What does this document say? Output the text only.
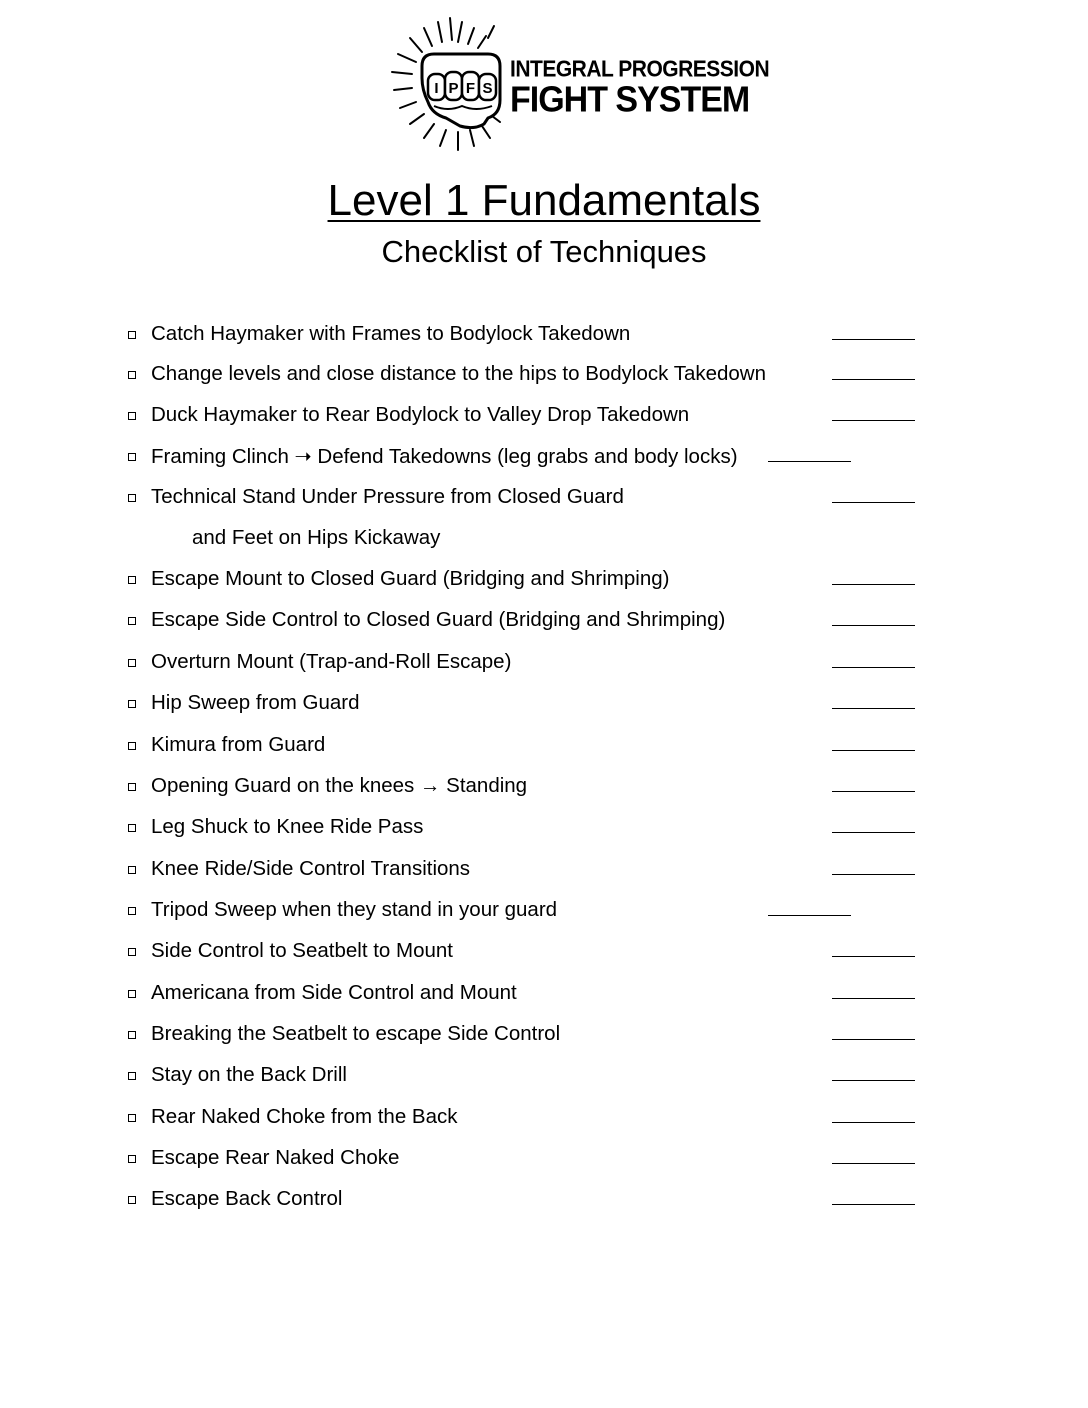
I P F S
INTEGRAL PROGRESSION
FIGHT SYSTEM
Level 1 Fundamentals
Checklist of Techniques
Catch Haymaker with Frames to Bodylock Takedown
Change levels and close distance to the hips to Bodylock Takedown
Duck Haymaker to Rear Bodylock to Valley Drop Takedown
Framing Clinch ➝ Defend Takedowns (leg grabs and body locks)
Technical Stand Under Pressure from Closed Guard
and Feet on Hips Kickaway
Escape Mount to Closed Guard (Bridging and Shrimping)
Escape Side Control to Closed Guard (Bridging and Shrimping)
Overturn Mount (Trap-and-Roll Escape)
Hip Sweep from Guard
Kimura from Guard
Opening Guard on the knees → Standing
Leg Shuck to Knee Ride Pass
Knee Ride/Side Control Transitions
Tripod Sweep when they stand in your guard
Side Control to Seatbelt to Mount
Americana from Side Control and Mount
Breaking the Seatbelt to escape Side Control
Stay on the Back Drill
Rear Naked Choke from the Back
Escape Rear Naked Choke
Escape Back Control
